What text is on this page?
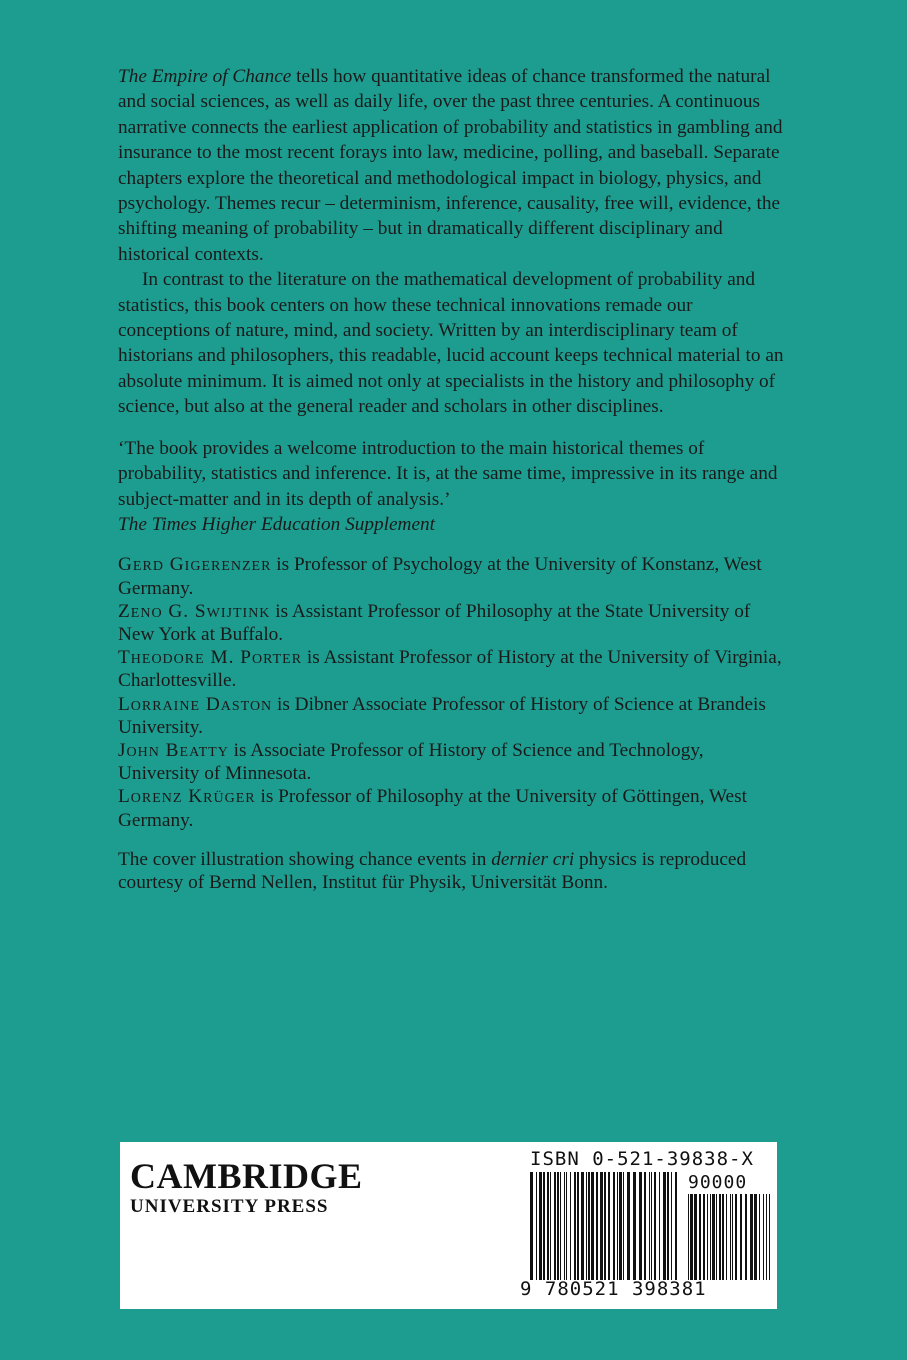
The Empire of Chance tells how quantitative ideas of chance transformed the natural and social sciences, as well as daily life, over the past three centuries. A continuous narrative connects the earliest application of probability and statistics in gambling and insurance to the most recent forays into law, medicine, polling, and baseball. Separate chapters explore the theoretical and methodological impact in biology, physics, and psychology. Themes recur – determinism, inference, causality, free will, evidence, the shifting meaning of probability – but in dramatically different disciplinary and historical contexts.

In contrast to the literature on the mathematical development of probability and statistics, this book centers on how these technical innovations remade our conceptions of nature, mind, and society. Written by an interdisciplinary team of historians and philosophers, this readable, lucid account keeps technical material to an absolute minimum. It is aimed not only at specialists in the history and philosophy of science, but also at the general reader and scholars in other disciplines.

‘The book provides a welcome introduction to the main historical themes of probability, statistics and inference. It is, at the same time, impressive in its range and subject-matter and in its depth of analysis.’

The Times Higher Education Supplement

Gerd Gigerenzer is Professor of Psychology at the University of Konstanz, West Germany.

Zeno G. Swijtink is Assistant Professor of Philosophy at the State University of New York at Buffalo.

Theodore M. Porter is Assistant Professor of History at the University of Virginia, Charlottesville.

Lorraine Daston is Dibner Associate Professor of History of Science at Brandeis University.

John Beatty is Associate Professor of History of Science and Technology, University of Minnesota.

Lorenz Krüger is Professor of Philosophy at the University of Göttingen, West Germany.

The cover illustration showing chance events in dernier cri physics is reproduced courtesy of Bernd Nellen, Institut für Physik, Universität Bonn.

CAMBRIDGE
UNIVERSITY PRESS
ISBN 0-521-39838-X
90000
9 780521 398381
